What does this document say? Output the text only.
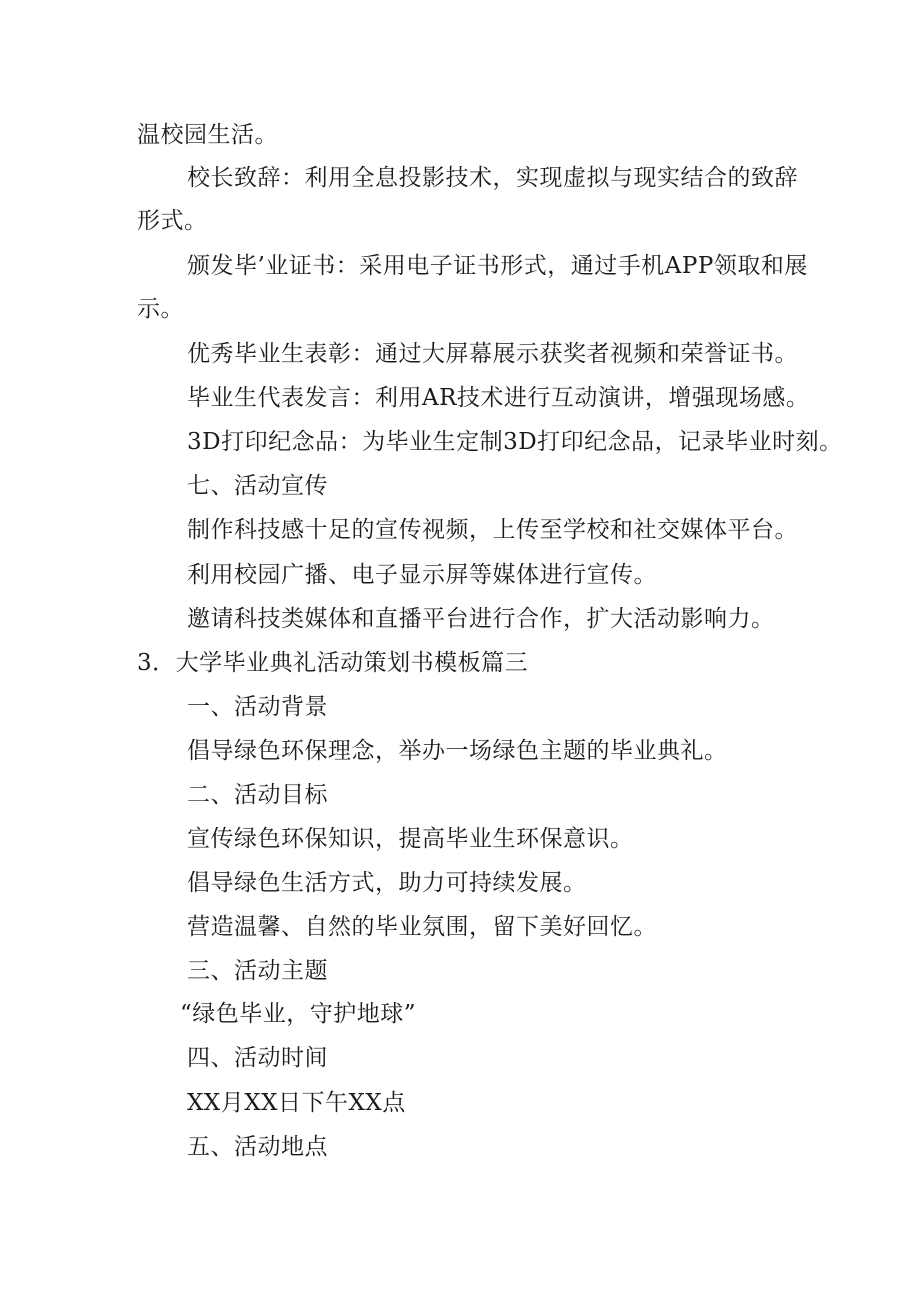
温校园生活。
校长致辞：利用全息投影技术，实现虚拟与现实结合的致辞
形式。
颁发毕’业证书：采用电子证书形式，通过手机APP领取和展
示。
优秀毕业生表彰：通过大屏幕展示获奖者视频和荣誉证书。
毕业生代表发言：利用AR技术进行互动演讲，增强现场感。
3D打印纪念品：为毕业生定制3D打印纪念品，记录毕业时刻。
七、活动宣传
制作科技感十足的宣传视频，上传至学校和社交媒体平台。
利用校园广播、电子显示屏等媒体进行宣传。
邀请科技类媒体和直播平台进行合作，扩大活动影响力。
3．大学毕业典礼活动策划书模板篇三
一、活动背景
倡导绿色环保理念，举办一场绿色主题的毕业典礼。
二、活动目标
宣传绿色环保知识，提高毕业生环保意识。
倡导绿色生活方式，助力可持续发展。
营造温馨、自然的毕业氛围，留下美好回忆。
三、活动主题
“绿色毕业，守护地球”
四、活动时间
XX月XX日下午XX点
五、活动地点
